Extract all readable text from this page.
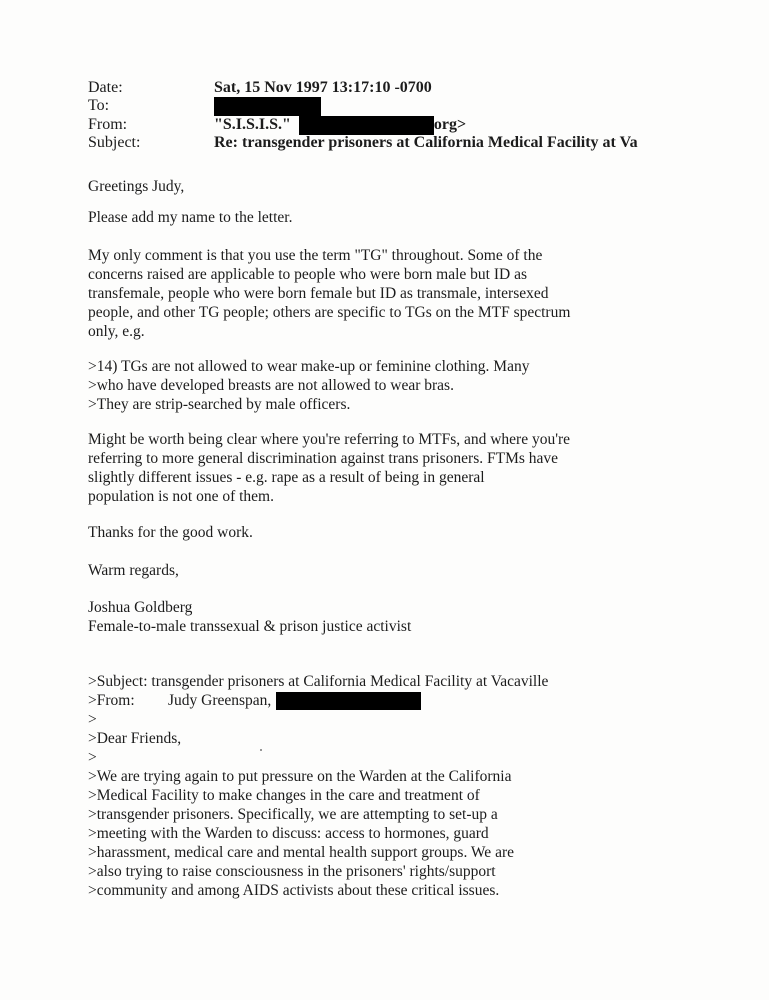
Date:	Sat, 15 Nov 1997 13:17:10 -0700
To:
From:	"S.I.S.I.S."	org>
Subject:	Re: transgender prisoners at California Medical Facility at Va

Greetings Judy,

Please add my name to the letter.

My only comment is that you use the term "TG" throughout. Some of the
concerns raised are applicable to people who were born male but ID as
transfemale, people who were born female but ID as transmale, intersexed
people, and other TG people; others are specific to TGs on the MTF spectrum
only, e.g.

>14) TGs are not allowed to wear make-up or feminine clothing. Many
>who have developed breasts are not allowed to wear bras.
>They are strip-searched by male officers.

Might be worth being clear where you're referring to MTFs, and where you're
referring to more general discrimination against trans prisoners. FTMs have
slightly different issues - e.g. rape as a result of being in general
population is not one of them.

Thanks for the good work.

Warm regards,

Joshua Goldberg
Female-to-male transsexual & prison justice activist

>Subject: transgender prisoners at California Medical Facility at Vacaville
>From: Judy Greenspan,
>
>Dear Friends,
>
>We are trying again to put pressure on the Warden at the California
>Medical Facility to make changes in the care and treatment of
>transgender prisoners. Specifically, we are attempting to set-up a
>meeting with the Warden to discuss: access to hormones, guard
>harassment, medical care and mental health support groups. We are
>also trying to raise consciousness in the prisoners' rights/support
>community and among AIDS activists about these critical issues.
